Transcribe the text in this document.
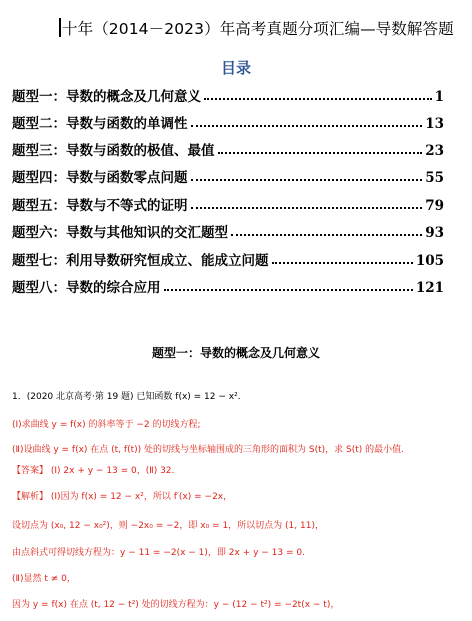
十年（2014－2023）年高考真题分项汇编—导数解答题
目录
题型一：导数的概念及几何意义	1
题型二：导数与函数的单调性	13
题型三：导数与函数的极值、最值	23
题型四：导数与函数零点问题	55
题型五：导数与不等式的证明	79
题型六：导数与其他知识的交汇题型	93
题型七：利用导数研究恒成立、能成立问题	105
题型八：导数的综合应用	121
题型一：导数的概念及几何意义
1．(2020 北京高考·第 19 题) 已知函数 f(x) = 12 − x².
(Ⅰ)求曲线 y = f(x) 的斜率等于 −2 的切线方程;
(Ⅱ)设曲线 y = f(x) 在点 (t, f(t)) 处的切线与坐标轴围成的三角形的面积为 S(t)，求 S(t) 的最小值.
【答案】 (Ⅰ) 2x + y − 13 = 0，(Ⅱ) 32.
【解析】 (Ⅰ)因为 f(x) = 12 − x²，所以 f′(x) = −2x，
设切点为 (x₀, 12 − x₀²)，则 −2x₀ = −2，即 x₀ = 1，所以切点为 (1, 11)，
由点斜式可得切线方程为：y − 11 = −2(x − 1)，即 2x + y − 13 = 0.
(Ⅱ)显然 t ≠ 0，
因为 y = f(x) 在点 (t, 12 − t²) 处的切线方程为：y − (12 − t²) = −2t(x − t)，
